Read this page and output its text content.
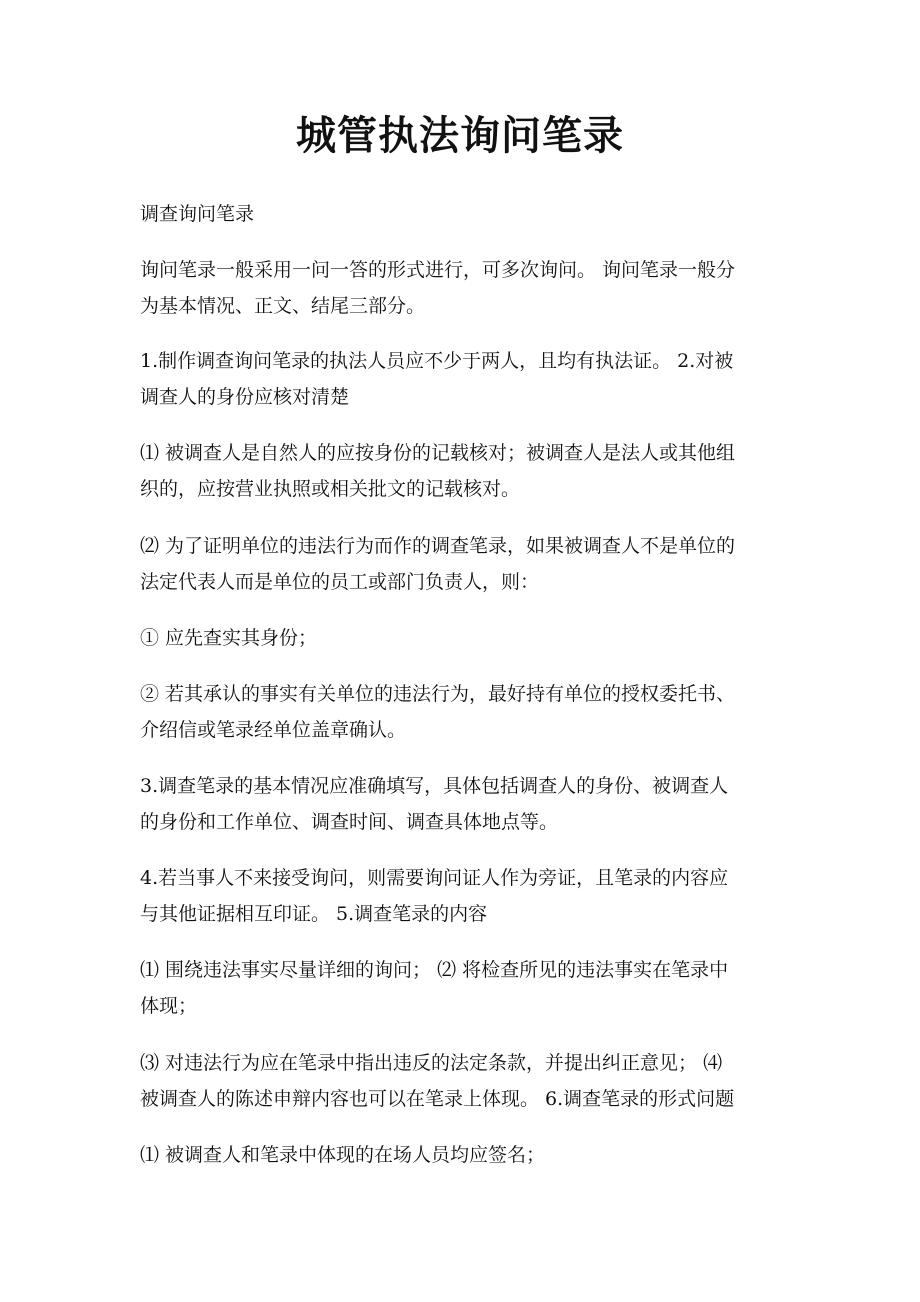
城管执法询问笔录
调查询问笔录
询问笔录一般采用一问一答的形式进行，可多次询问。 询问笔录一般分
为基本情况、正文、结尾三部分。
1.制作调查询问笔录的执法人员应不少于两人，且均有执法证。 2.对被
调查人的身份应核对清楚
⑴ 被调查人是自然人的应按身份的记载核对；被调查人是法人或其他组
织的，应按营业执照或相关批文的记载核对。
⑵ 为了证明单位的违法行为而作的调查笔录，如果被调查人不是单位的
法定代表人而是单位的员工或部门负责人，则：
① 应先查实其身份；
② 若其承认的事实有关单位的违法行为，最好持有单位的授权委托书、
介绍信或笔录经单位盖章确认。
3.调查笔录的基本情况应准确填写，具体包括调查人的身份、被调查人
的身份和工作单位、调查时间、调查具体地点等。
4.若当事人不来接受询问，则需要询问证人作为旁证，且笔录的内容应
与其他证据相互印证。 5.调查笔录的内容
⑴ 围绕违法事实尽量详细的询问； ⑵ 将检查所见的违法事实在笔录中
体现；
⑶ 对违法行为应在笔录中指出违反的法定条款，并提出纠正意见； ⑷
被调查人的陈述申辩内容也可以在笔录上体现。 6.调查笔录的形式问题
⑴ 被调查人和笔录中体现的在场人员均应签名；
